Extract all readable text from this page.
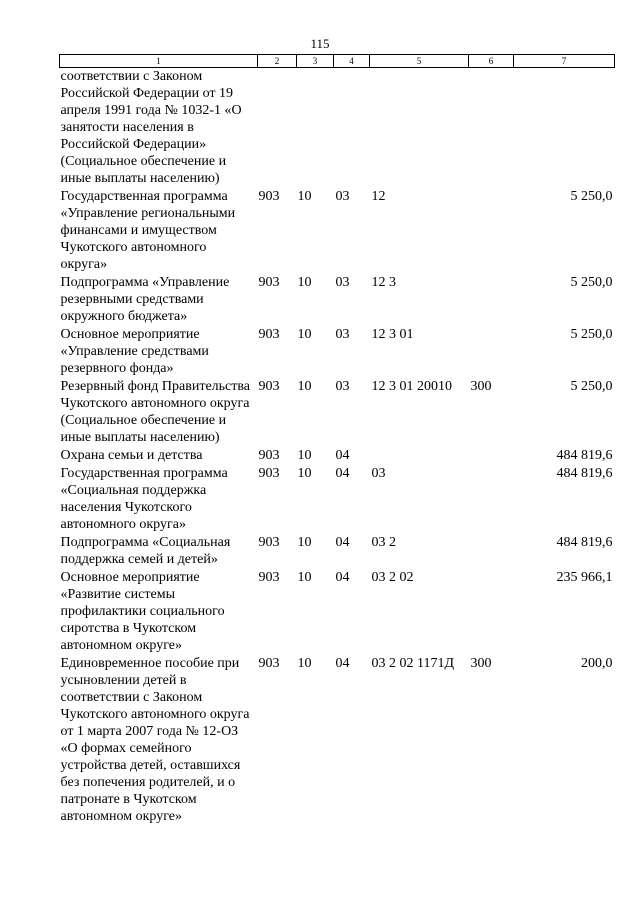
115
1	2	3	4	5	6	7
соответствии с Законом Российской Федерации от 19 апреля 1991 года № 1032-1 «О занятости населения в Российской Федерации» (Социальное обеспечение и иные выплаты населению)						
Государственная программа «Управление региональными финансами и имуществом Чукотского автономного округа»	903	10	03	12		5 250,0
Подпрограмма «Управление резервными средствами окружного бюджета»	903	10	03	12 3		5 250,0
Основное мероприятие «Управление средствами резервного фонда»	903	10	03	12 3 01		5 250,0
Резервный фонд Правительства Чукотского автономного округа (Социальное обеспечение и иные выплаты населению)	903	10	03	12 3 01 20010	300	5 250,0
Охрана семьи и детства	903	10	04			484 819,6
Государственная программа «Социальная поддержка населения Чукотского автономного округа»	903	10	04	03		484 819,6
Подпрограмма «Социальная поддержка семей и детей»	903	10	04	03 2		484 819,6
Основное мероприятие «Развитие системы профилактики социального сиротства в Чукотском автономном округе»	903	10	04	03 2 02		235 966,1
Единовременное пособие при усыновлении детей в соответствии с Законом Чукотского автономного округа от 1 марта 2007 года № 12-ОЗ «О формах семейного устройства детей, оставшихся без попечения родителей, и о патронате в Чукотском автономном округе»	903	10	04	03 2 02 1171Д	300	200,0
